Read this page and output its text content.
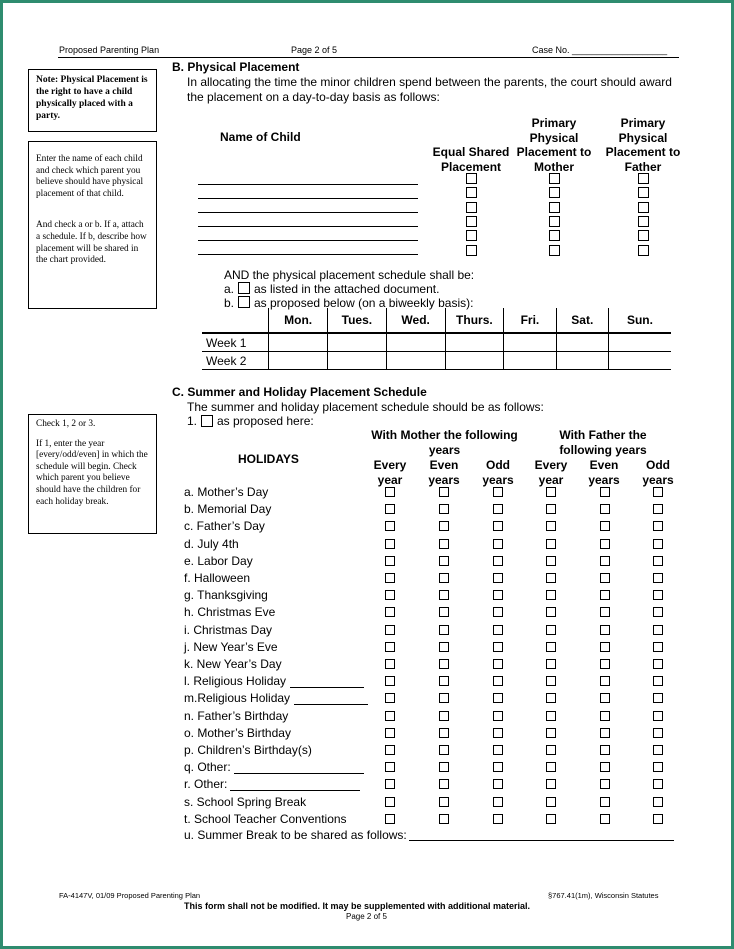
Proposed Parenting Plan	Page 2 of 5	Case No. ___________________
Note: Physical Placement is the right to have a child physically placed with a party.

Enter the name of each child and check which parent you believe should have physical placement of that child.

And check a or b. If a, attach a schedule. If b, describe how placement will be shared in the chart provided.

Check 1, 2 or 3.

If 1, enter the year [every/odd/even] in which the schedule will begin. Check which parent you believe should have the children for each holiday break.

B. Physical Placement
In allocating the time the minor children spend between the parents, the court should award
the placement on a day-to-day basis as follows:
Name of Child
Equal Shared Placement
Primary Physical Placement to Mother
Primary Physical Placement to Father
AND the physical placement schedule shall be:
a. as listed in the attached document.
b. as proposed below (on a biweekly basis):
	Mon.	Tues.	Wed.	Thurs.	Fri.	Sat.	Sun.
Week 1							
Week 2							
C. Summer and Holiday Placement Schedule
The summer and holiday placement schedule should be as follows:
1. as proposed here:
HOLIDAYS
With Mother the following years
With Father the following years
Every year
Even years
Odd years
Every year
Even years
Odd years
a. Mother’s Day
b. Memorial Day
c. Father’s Day
d. July 4th
e. Labor Day
f. Halloween
g. Thanksgiving
h. Christmas Eve
i. Christmas Day
j. New Year’s Eve
k. New Year’s Day
l. Religious Holiday
m.Religious Holiday
n. Father’s Birthday
o. Mother’s Birthday
p. Children’s Birthday(s)
q. Other:
r. Other:
s. School Spring Break
t. School Teacher Conventions
u. Summer Break to be shared as follows:
FA-4147V, 01/09 Proposed Parenting Plan	§767.41(1m), Wisconsin Statutes
This form shall not be modified. It may be supplemented with additional material.
Page 2 of 5
